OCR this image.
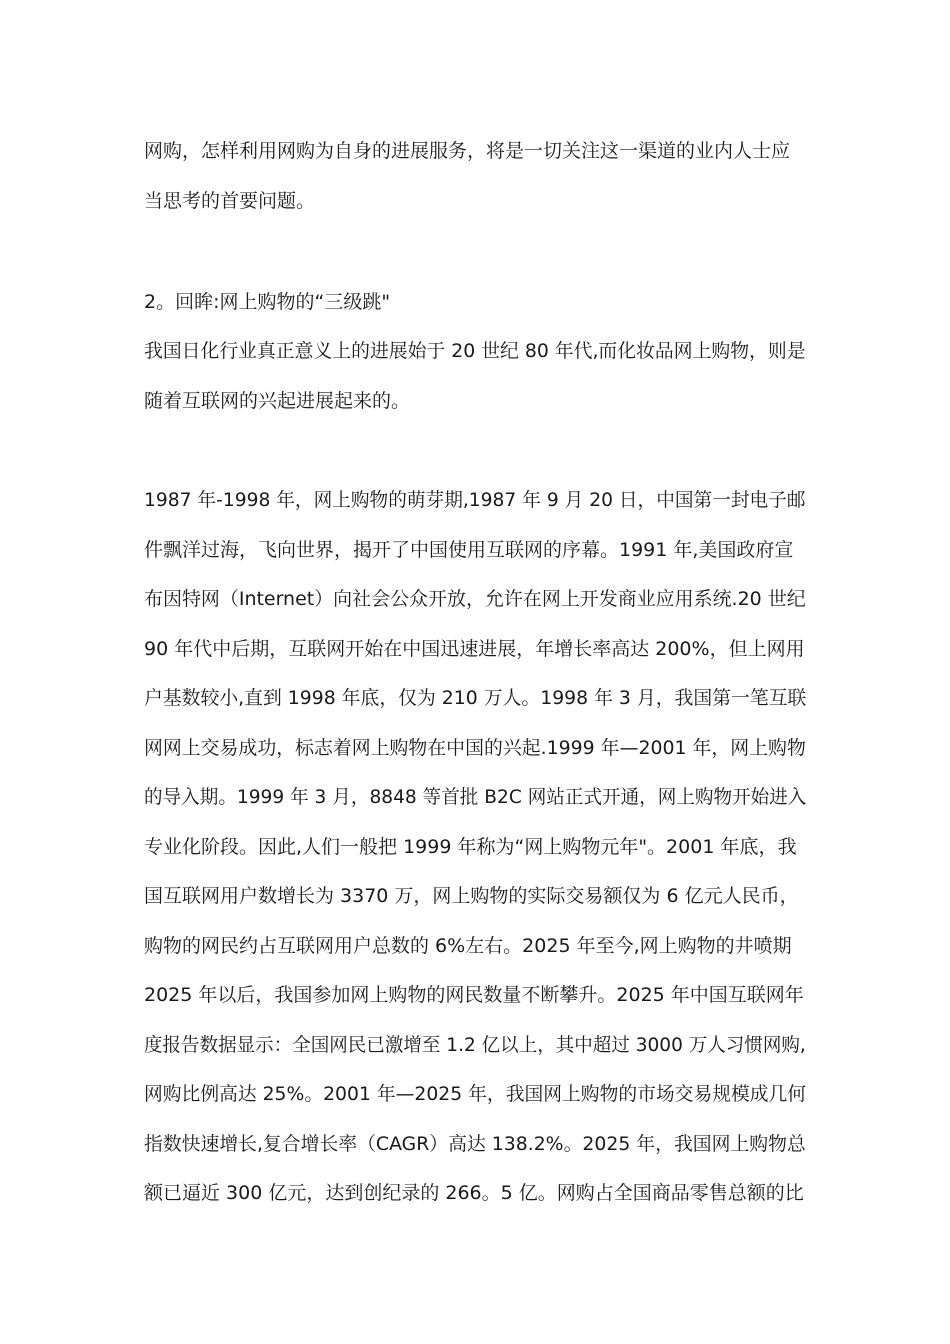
网购，怎样利用网购为自身的进展服务，将是一切关注这一渠道的业内人士应
当思考的首要问题。
2。回眸:网上购物的“三级跳"
我国日化行业真正意义上的进展始于 20 世纪 80 年代,而化妆品网上购物，则是
随着互联网的兴起进展起来的。
1987 年-1998 年，网上购物的萌芽期,1987 年 9 月 20 日，中国第一封电子邮
件飘洋过海，飞向世界，揭开了中国使用互联网的序幕。1991 年,美国政府宣
布因特网（Internet）向社会公众开放，允许在网上开发商业应用系统.20 世纪
90 年代中后期，互联网开始在中国迅速进展，年增长率高达 200%，但上网用
户基数较小,直到 1998 年底，仅为 210 万人。1998 年 3 月，我国第一笔互联
网网上交易成功，标志着网上购物在中国的兴起.1999 年—2001 年，网上购物
的导入期。1999 年 3 月，8848 等首批 B2C 网站正式开通，网上购物开始进入
专业化阶段。因此,人们一般把 1999 年称为“网上购物元年"。2001 年底，我
国互联网用户数增长为 3370 万，网上购物的实际交易额仅为 6 亿元人民币，
购物的网民约占互联网用户总数的 6%左右。2025 年至今,网上购物的井喷期
2025 年以后，我国参加网上购物的网民数量不断攀升。2025 年中国互联网年
度报告数据显示：全国网民已激增至 1.2 亿以上，其中超过 3000 万人习惯网购,
网购比例高达 25%。2001 年—2025 年，我国网上购物的市场交易规模成几何
指数快速增长,复合增长率（CAGR）高达 138.2%。2025 年，我国网上购物总
额已逼近 300 亿元，达到创纪录的 266。5 亿。网购占全国商品零售总额的比
